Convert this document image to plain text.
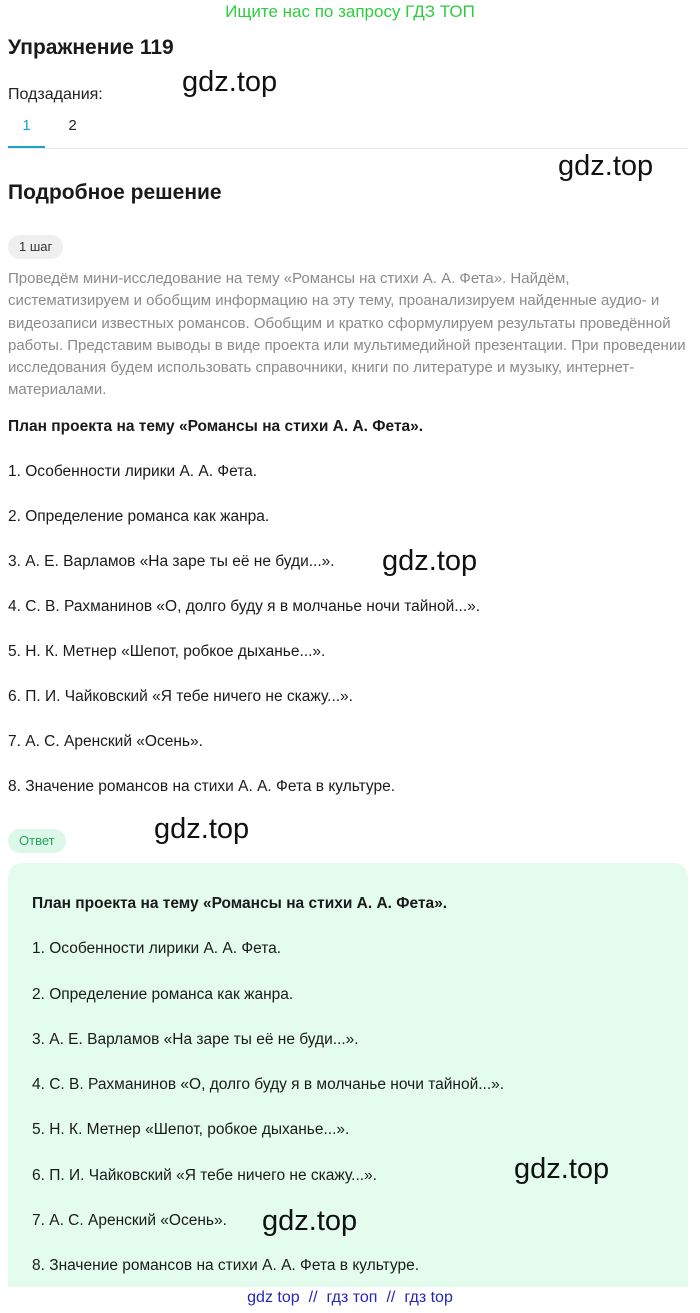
Ищите нас по запросу ГДЗ ТОП
Упражнение 119
Подзадания:
1	2
Подробное решение
1 шаг
Проведём мини-исследование на тему «Романсы на стихи А. А. Фета». Найдём, систематизируем и обобщим информацию на эту тему, проанализируем найденные аудио- и видеозаписи известных романсов. Обобщим и кратко сформулируем результаты проведённой работы. Представим выводы в виде проекта или мультимедийной презентации. При проведении исследования будем использовать справочники, книги по литературе и музыку, интернет-материалами.
План проекта на тему «Романсы на стихи А. А. Фета».
1. Особенности лирики А. А. Фета.
2. Определение романса как жанра.
3. А. Е. Варламов «На заре ты её не буди...».
4. С. В. Рахманинов «О, долго буду я в молчанье ночи тайной...».
5. Н. К. Метнер «Шепот, робкое дыханье...».
6. П. И. Чайковский «Я тебе ничего не скажу...».
7. А. С. Аренский «Осень».
8. Значение романсов на стихи А. А. Фета в культуре.
Ответ
План проекта на тему «Романсы на стихи А. А. Фета».
1. Особенности лирики А. А. Фета.
2. Определение романса как жанра.
3. А. Е. Варламов «На заре ты её не буди...».
4. С. В. Рахманинов «О, долго буду я в молчанье ночи тайной...».
5. Н. К. Метнер «Шепот, робкое дыханье...».
6. П. И. Чайковский «Я тебе ничего не скажу...».
7. А. С. Аренский «Осень».
8. Значение романсов на стихи А. А. Фета в культуре.
gdz.top
gdz.top
gdz.top
gdz.top
gdz.top
gdz.top
gdz top // гдз топ // гдз top
